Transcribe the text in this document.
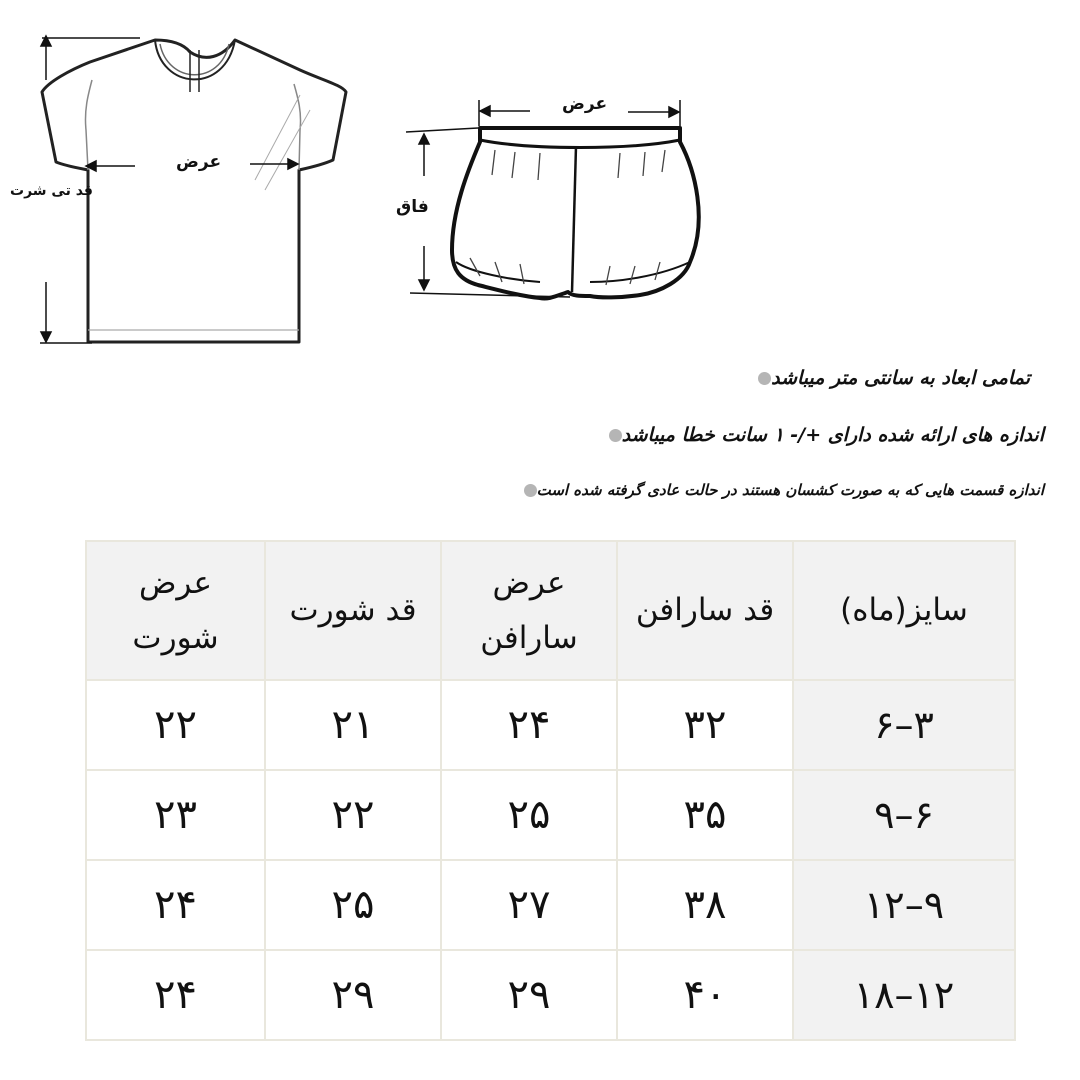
عرض
قد تی شرت
عرض
فاق
تمامی ابعاد به سانتی متر میباشد
اندازه های ارائه شده دارای +/- ۱ سانت خطا میباشد
اندازه قسمت هایی که به صورت کشسان هستند در حالت عادی گرفته شده است
سایز(ماه)	قد سارافن	عرض سارافن	قد شورت	عرض شورت
۳–۶	۳۲	۲۴	۲۱	۲۲
۶–۹	۳۵	۲۵	۲۲	۲۳
۹–۱۲	۳۸	۲۷	۲۵	۲۴
۱۲–۱۸	۴۰	۲۹	۲۹	۲۴
